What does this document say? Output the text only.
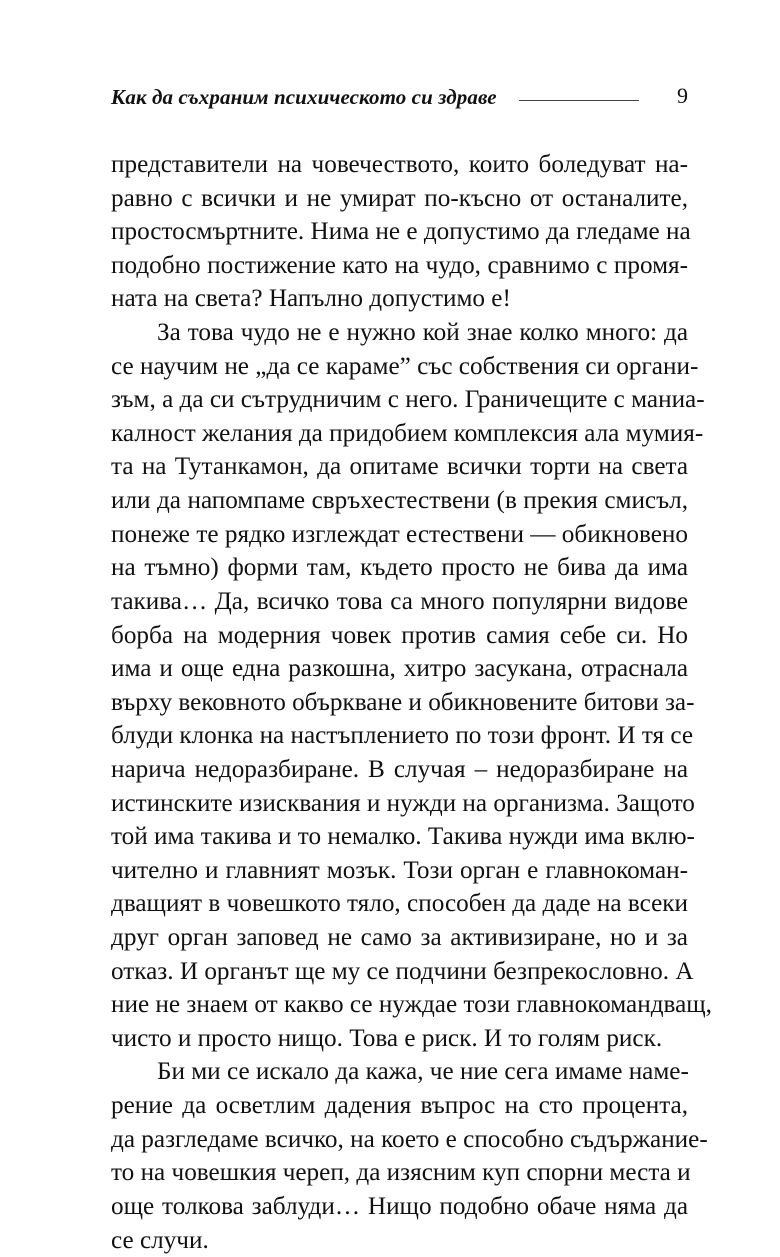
Как да съхраним психическото си здраве	9
представители на човечеството, които боледуват на-
равно с всички и не умират по-късно от останалите,
простосмъртните. Нима не е допустимо да гледаме на
подобно постижение като на чудо, сравнимо с промя-
ната на света? Напълно допустимо е!
За това чудо не е нужно кой знае колко много: да
се научим не „да се караме” със собствения си органи-
зъм, а да си сътрудничим с него. Граничещите с маниа-
калност желания да придобием комплексия ала мумия-
та на Тутанкамон, да опитаме всички торти на света
или да напомпаме свръхестествени (в прекия смисъл,
понеже те рядко изглеждат естествени — обикновено
на тъмно) форми там, където просто не бива да има
такива… Да, всичко това са много популярни видове
борба на модерния човек против самия себе си. Но
има и още една разкошна, хитро засукана, отраснала
върху вековното объркване и обикновените битови за-
блуди клонка на настъплението по този фронт. И тя се
нарича недоразбиране. В случая – недоразбиране на
истинските изисквания и нужди на организма. Защото
той има такива и то немалко. Такива нужди има вклю-
чително и главният мозък. Този орган е главнокоман-
дващият в човешкото тяло, способен да даде на всеки
друг орган заповед не само за активизиране, но и за
отказ. И органът ще му се подчини безпрекословно. А
ние не знаем от какво се нуждае този главнокомандващ,
чисто и просто нищо. Това е риск. И то голям риск.
Би ми се искало да кажа, че ние сега имаме наме-
рение да осветлим дадения въпрос на сто процента,
да разгледаме всичко, на което е способно съдържание-
то на човешкия череп, да изясним куп спорни места и
още толкова заблуди… Нищо подобно обаче няма да
се случи.
